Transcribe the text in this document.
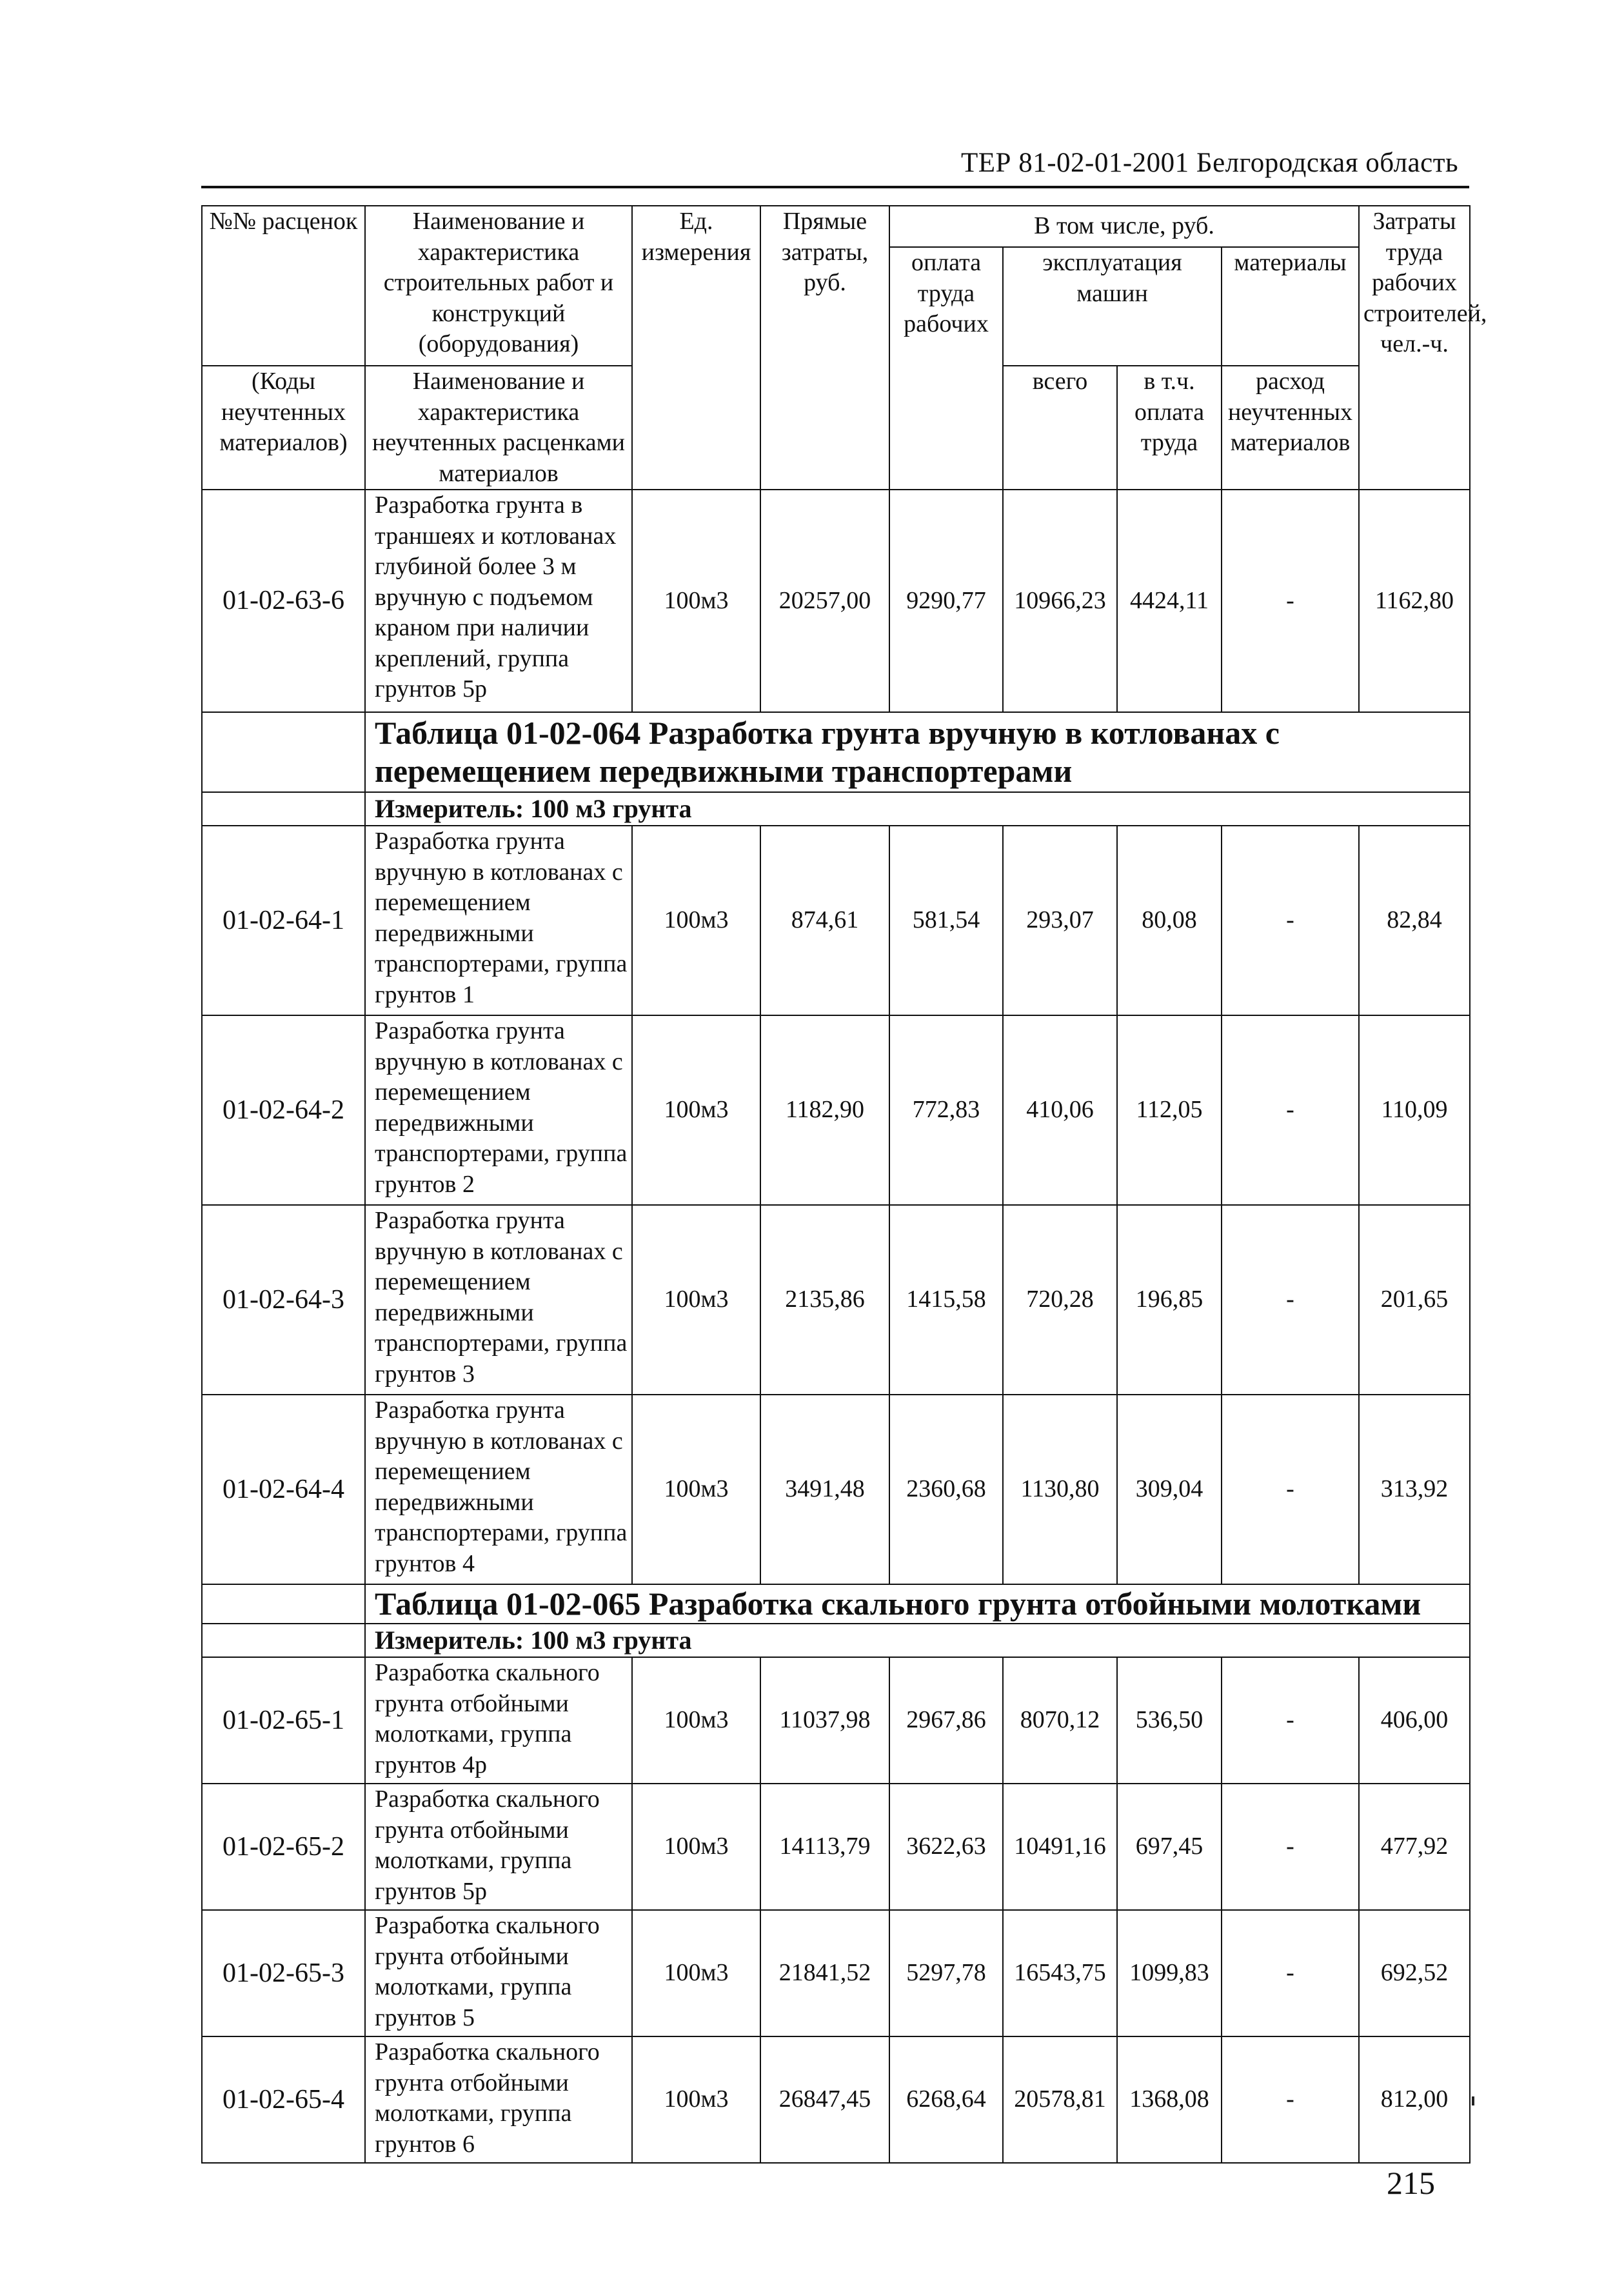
ТЕР 81-02-01-2001 Белгородская область
№№ расценок	Наименование и характеристика строительных работ и конструкций (оборудования)	Ед. измерения	Прямые затраты, руб.	В том числе, руб.				Затраты труда рабочих строителей, чел.-ч.
				оплата труда рабочих	эксплуатация машин		материалы	

(Коды неучтенных материалов)	Наименование и характеристика неучтенных расценками материалов				всего	в т.ч. оплата труда	расход неучтенных материалов	

01-02-63-6	Разработка грунта в траншеях и котлованах глубиной более 3 м вручную с подъемом краном при наличии креплений, группа грунтов 5р	100м3	20257,00	9290,77	10966,23	4424,11	-	1162,80
	Таблица 01-02-064 Разработка грунта вручную в котлованах с перемещением передвижными транспортерами							
	Измеритель: 100 м3 грунта							
01-02-64-1	Разработка грунта вручную в котлованах с перемещением передвижными транспортерами, группа грунтов 1	100м3	874,61	581,54	293,07	80,08	-	82,84
01-02-64-2	Разработка грунта вручную в котлованах с перемещением передвижными транспортерами, группа грунтов 2	100м3	1182,90	772,83	410,06	112,05	-	110,09
01-02-64-3	Разработка грунта вручную в котлованах с перемещением передвижными транспортерами, группа грунтов 3	100м3	2135,86	1415,58	720,28	196,85	-	201,65
01-02-64-4	Разработка грунта вручную в котлованах с перемещением передвижными транспортерами, группа грунтов 4	100м3	3491,48	2360,68	1130,80	309,04	-	313,92
	Таблица 01-02-065 Разработка скального грунта отбойными молотками							
	Измеритель: 100 м3 грунта							
01-02-65-1	Разработка скального грунта отбойными молотками, группа грунтов 4р	100м3	11037,98	2967,86	8070,12	536,50	-	406,00
01-02-65-2	Разработка скального грунта отбойными молотками, группа грунтов 5р	100м3	14113,79	3622,63	10491,16	697,45	-	477,92
01-02-65-3	Разработка скального грунта отбойными молотками, группа грунтов 5	100м3	21841,52	5297,78	16543,75	1099,83	-	692,52
01-02-65-4	Разработка скального грунта отбойными молотками, группа грунтов 6	100м3	26847,45	6268,64	20578,81	1368,08	-	812,00
215
